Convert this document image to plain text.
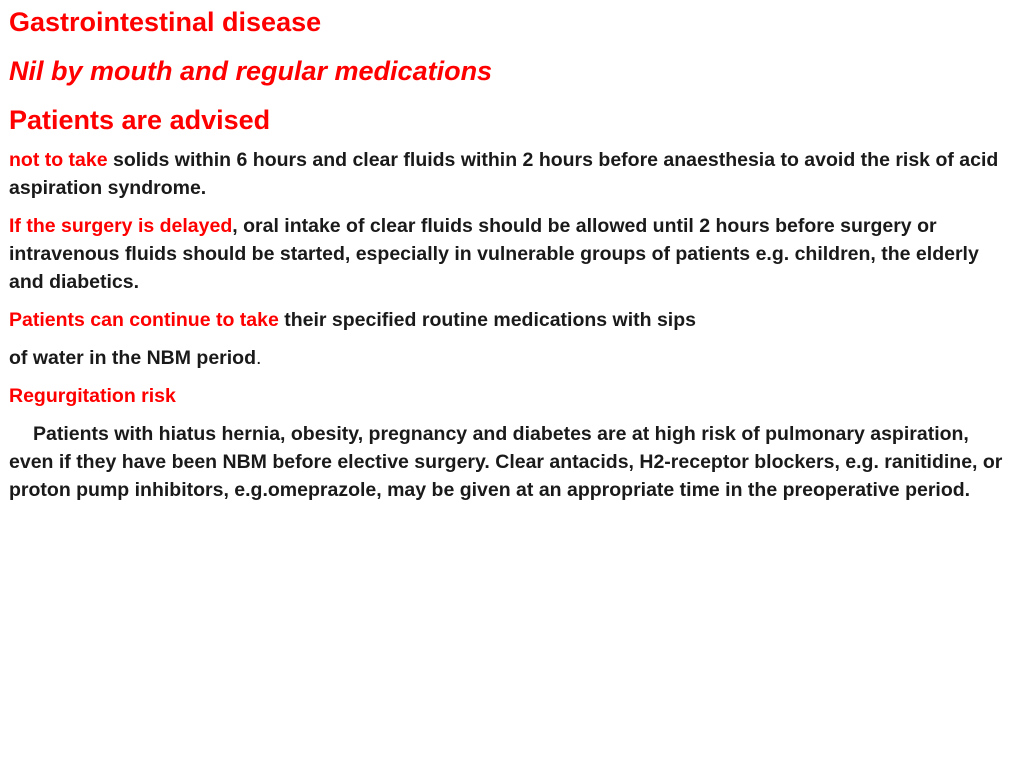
Gastrointestinal disease
Nil by mouth and regular medications
Patients are advised
not to take solids within 6 hours and clear fluids within 2 hours before anaesthesia to avoid the risk of acid aspiration syndrome.
If the surgery is delayed, oral intake of clear fluids should be allowed until 2 hours before surgery or intravenous fluids should be started, especially in vulnerable groups of patients e.g. children, the elderly and diabetics.
Patients can continue to take their specified routine medications with sips
of water in the NBM period.
Regurgitation risk
Patients with hiatus hernia, obesity, pregnancy and diabetes are at high risk of pulmonary aspiration, even if they have been NBM before elective surgery. Clear antacids, H2-receptor blockers, e.g. ranitidine, or proton pump inhibitors, e.g.omeprazole, may be given at an appropriate time in the preoperative period.
